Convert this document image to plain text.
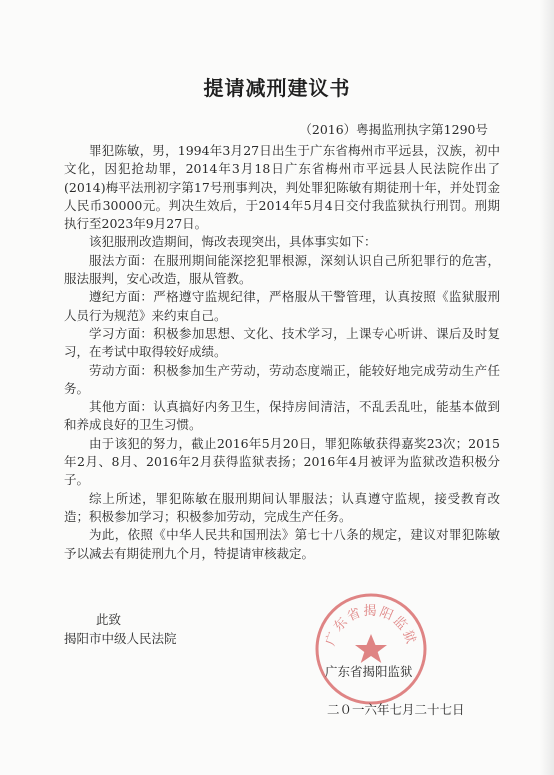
提请减刑建议书
（2016）粤揭监刑执字第1290号

罪犯陈敏，男，1994年3月27日出生于广东省梅州市平远县，汉族，初中文化，因犯抢劫罪，2014年3月18日广东省梅州市平远县人民法院作出了(2014)梅平法刑初字第17号刑事判决，判处罪犯陈敏有期徒刑十年，并处罚金人民币30000元。判决生效后，于2014年5月4日交付我监狱执行刑罚。刑期执行至2023年9月27日。

该犯服刑改造期间，悔改表现突出，具体事实如下：

服法方面：在服刑期间能深挖犯罪根源，深刻认识自己所犯罪行的危害，服法服判，安心改造，服从管教。

遵纪方面：严格遵守监规纪律，严格服从干警管理，认真按照《监狱服刑人员行为规范》来约束自己。

学习方面：积极参加思想、文化、技术学习，上课专心听讲、课后及时复习，在考试中取得较好成绩。

劳动方面：积极参加生产劳动，劳动态度端正，能较好地完成劳动生产任务。

其他方面：认真搞好内务卫生，保持房间清洁，不乱丢乱吐，能基本做到和养成良好的卫生习惯。

由于该犯的努力，截止2016年5月20日，罪犯陈敏获得嘉奖23次；2015年2月、8月、2016年2月获得监狱表扬；2016年4月被评为监狱改造积极分子。

综上所述，罪犯陈敏在服刑期间认罪服法；认真遵守监规，接受教育改造；积极参加学习；积极参加劳动，完成生产任务。

为此，依照《中华人民共和国刑法》第七十八条的规定，建议对罪犯陈敏予以减去有期徒刑九个月，特提请审核裁定。

此致
揭阳市中级人民法院	广东省揭阳监狱
广东省揭阳监狱
二０一六年七月二十七日
